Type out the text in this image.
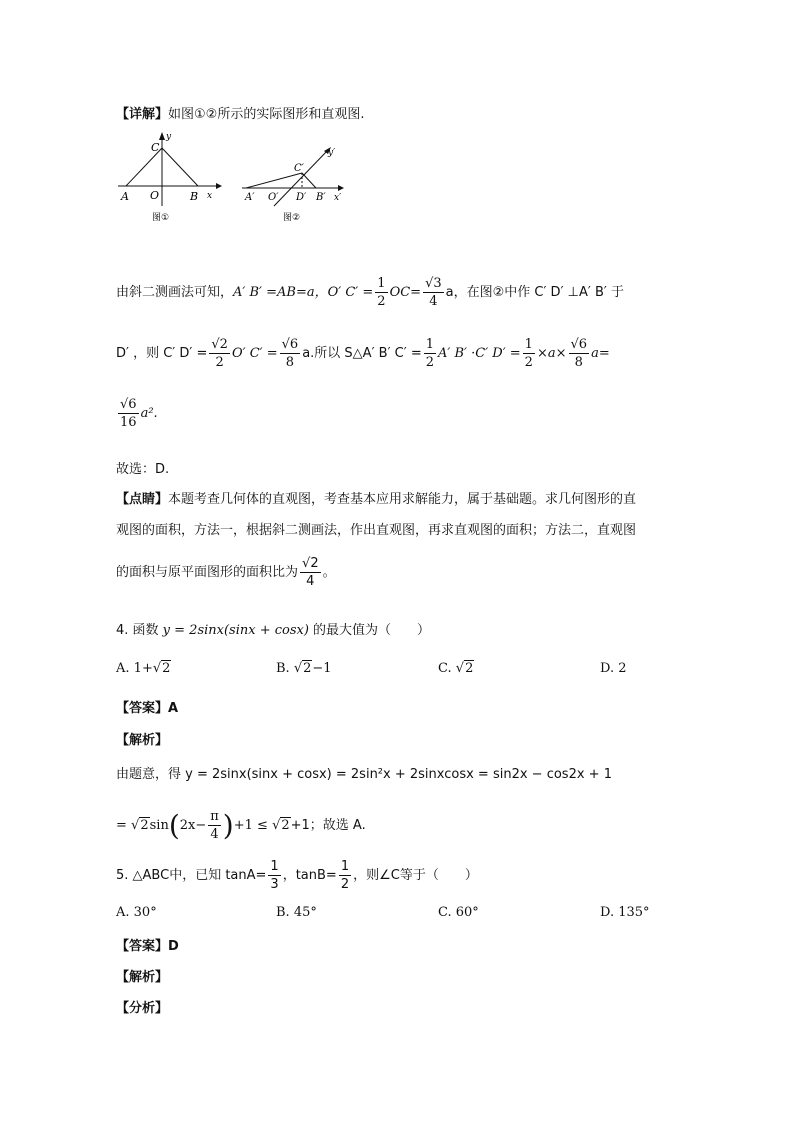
【详解】如图①②所示的实际图形和直观图.
C
y
A O	B x
图①
C′
y′
A′ O′ D′ B′ x′
图②
由斜二测画法可知，A′ B′ =AB=a，O′ $C' = \frac{1}{2} OC= \frac{√3}{4}$ a，在图②中作 C′ D′ ⊥A′ B′ 于
D′ ，则 C′ $D' = \frac{√2}{2} O'$ $C' = \frac{√6}{8} a$.所以 S△A′ B′ $C' = \frac{1}{2} A'$ B′ ·C′ $D' = \frac{1}{2} \times a\times \frac{√6}{8} a=$
$\frac{√6}{16} a^2$.
故选：D.
【点睛】本题考查几何体的直观图，考查基本应用求解能力，属于基础题。求几何图形的直
观图的面积，方法一，根据斜二测画法，作出直观图，再求直观图的面积；方法二，直观图
的面积与原平面图形的面积比为 $\frac{√2}{4}$ 。
4. 函数 y = 2sinx(sinx + cosx) 的最大值为（　　）
A. 1+√2	B. √2−1	C. √2	D. 2
【答案】A
【解析】
由题意，得 y = 2sinx(sinx + cosx) = 2sin²x + 2sinxcosx = sin2x − cos2x + 1
= $√2\sin(2x- \frac{\pi}{4} )+1 \le √2+1$；故选 A.
5. △ABC中，已知 $\tan A= \frac{1}{3}$ ，$\tan B= \frac{1}{2}$ ，则∠C等于（　　）
A. 30°	B. 45°	C. 60°	D. 135°
【答案】D
【解析】
【分析】
